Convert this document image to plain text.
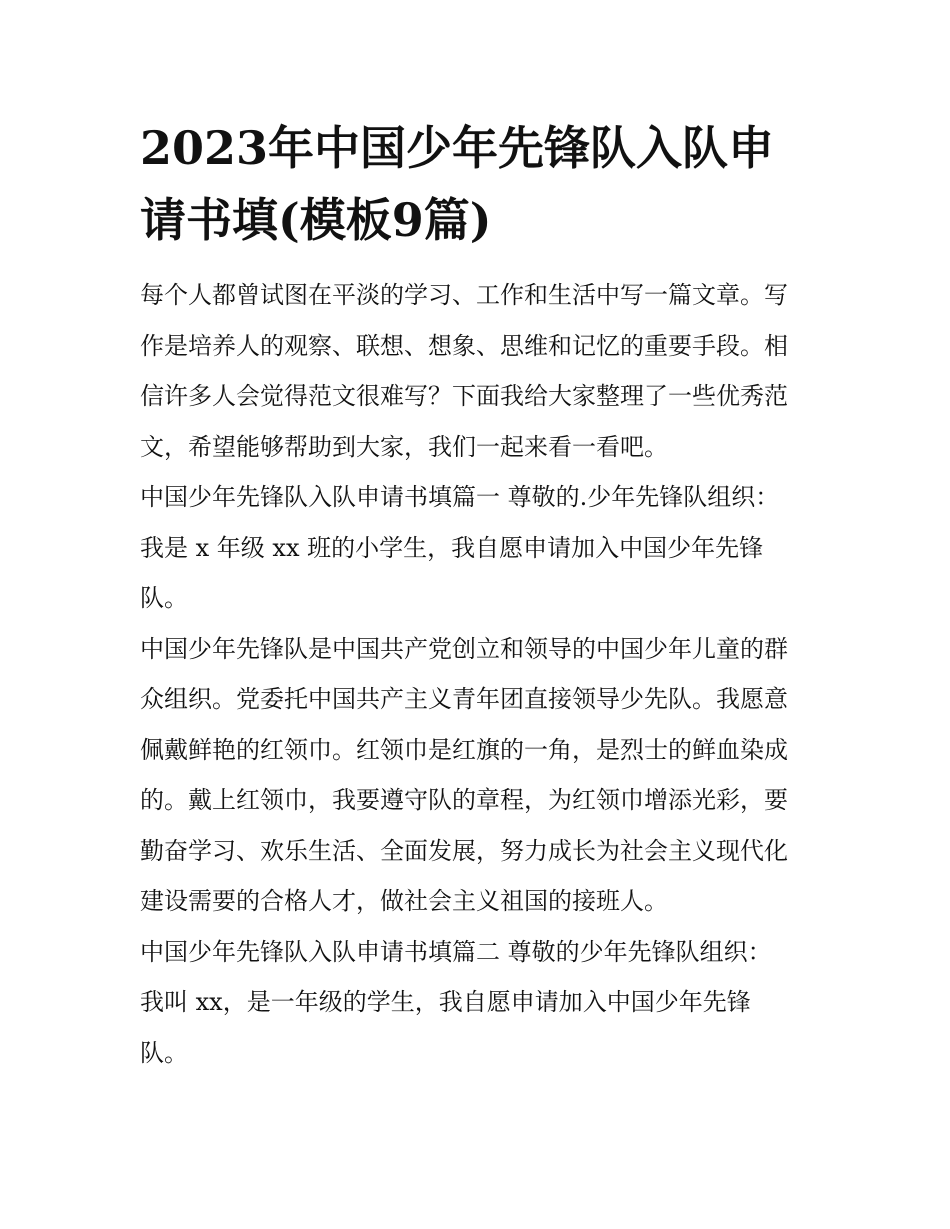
2023年中国少年先锋队入队申
请书填(模板9篇)

每个人都曾试图在平淡的学习、工作和生活中写一篇文章。写
作是培养人的观察、联想、想象、思维和记忆的重要手段。相
信许多人会觉得范文很难写？下面我给大家整理了一些优秀范
文，希望能够帮助到大家，我们一起来看一看吧。

中国少年先锋队入队申请书填篇一 尊敬的.少年先锋队组织：
我是 x 年级 xx 班的小学生，我自愿申请加入中国少年先锋
队。

中国少年先锋队是中国共产党创立和领导的中国少年儿童的群
众组织。党委托中国共产主义青年团直接领导少先队。我愿意
佩戴鲜艳的红领巾。红领巾是红旗的一角，是烈士的鲜血染成
的。戴上红领巾，我要遵守队的章程，为红领巾增添光彩，要
勤奋学习、欢乐生活、全面发展，努力成长为社会主义现代化
建设需要的合格人才，做社会主义祖国的接班人。

中国少年先锋队入队申请书填篇二 尊敬的少年先锋队组织：
我叫 xx，是一年级的学生，我自愿申请加入中国少年先锋
队。
